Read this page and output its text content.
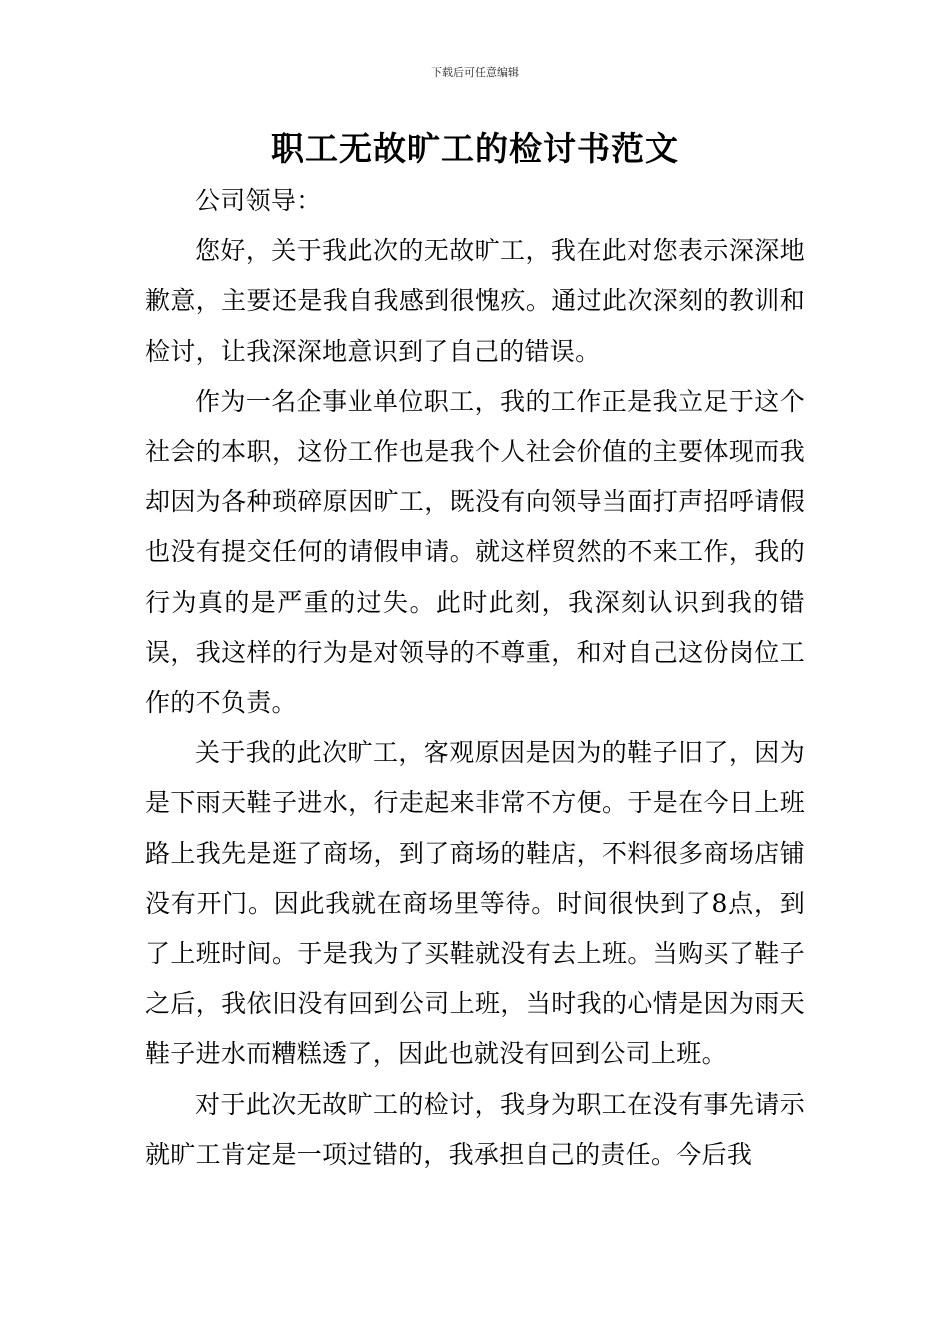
下载后可任意编辑
职工无故旷工的检讨书范文

公司领导：

您好，关于我此次的无故旷工，我在此对您表示深深地歉意，主要还是我自我感到很愧疚。通过此次深刻的教训和检讨，让我深深地意识到了自己的错误。

作为一名企事业单位职工，我的工作正是我立足于这个社会的本职，这份工作也是我个人社会价值的主要体现而我却因为各种琐碎原因旷工，既没有向领导当面打声招呼请假也没有提交任何的请假申请。就这样贸然的不来工作，我的行为真的是严重的过失。此时此刻，我深刻认识到我的错误，我这样的行为是对领导的不尊重，和对自己这份岗位工作的不负责。

关于我的此次旷工，客观原因是因为的鞋子旧了，因为是下雨天鞋子进水，行走起来非常不方便。于是在今日上班路上我先是逛了商场，到了商场的鞋店，不料很多商场店铺没有开门。因此我就在商场里等待。时间很快到了8点，到了上班时间。于是我为了买鞋就没有去上班。当购买了鞋子之后，我依旧没有回到公司上班，当时我的心情是因为雨天鞋子进水而糟糕透了，因此也就没有回到公司上班。

对于此次无故旷工的检讨，我身为职工在没有事先请示就旷工肯定是一项过错的，我承担自己的责任。今后我
